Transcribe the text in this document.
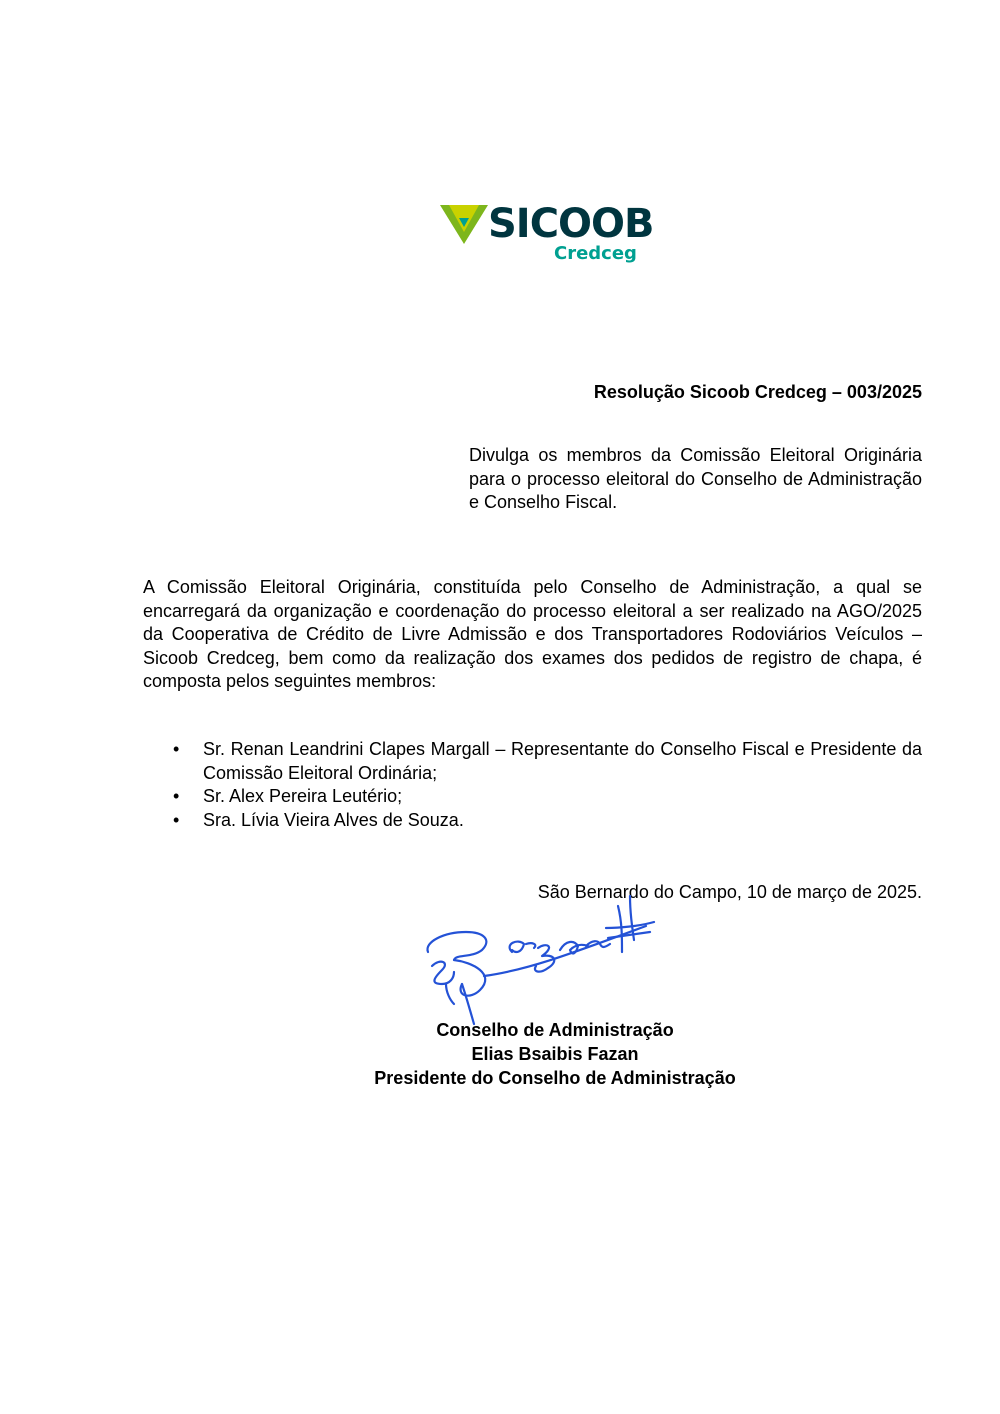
SICOOB
Credceg
Resolução Sicoob Credceg – 003/2025
Divulga os membros da Comissão Eleitoral Originária para o processo eleitoral do Conselho de Administração e Conselho Fiscal.
A Comissão Eleitoral Originária, constituída pelo Conselho de Administração, a qual se encarregará da organização e coordenação do processo eleitoral a ser realizado na AGO/2025 da Cooperativa de Crédito de Livre Admissão e dos Transportadores Rodoviários Veículos – Sicoob Credceg, bem como da realização dos exames dos pedidos de registro de chapa, é composta pelos seguintes membros:
• Sr. Renan Leandrini Clapes Margall – Representante do Conselho Fiscal e Presidente da Comissão Eleitoral Ordinária;
• Sr. Alex Pereira Leutério;
• Sra. Lívia Vieira Alves de Souza.
São Bernardo do Campo, 10 de março de 2025.
Conselho de Administração
Elias Bsaibis Fazan
Presidente do Conselho de Administração
